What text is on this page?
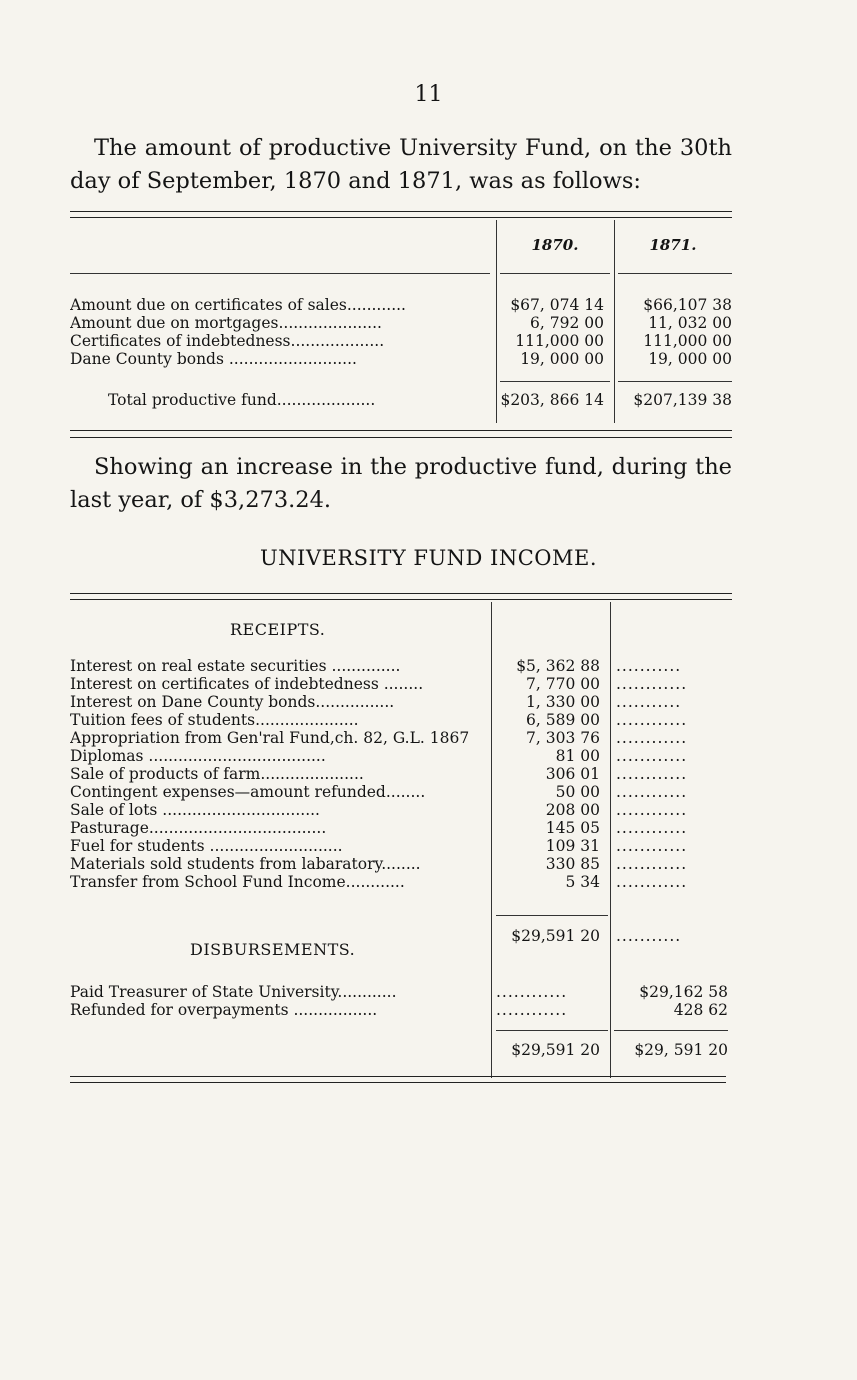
11
The amount of productive University Fund, on the 30th day of September, 1870 and 1871, was as follows:
1870.	1871.
Amount due on certificates of sales............	$67, 074 14	$66,107 38
Amount due on mortgages.....................	6, 792 00	11, 032 00
Certificates of indebtedness...................	111,000 00	111,000 00
Dane County bonds ..........................	19, 000 00	19, 000 00
Total productive fund....................	$203, 866 14	$207,139 38
Showing an increase in the productive fund, during the last year, of $3,273.24.
UNIVERSITY FUND INCOME.
RECEIPTS.
Interest on real estate securities ..............	$5, 362 88 ...........
Interest on certificates of indebtedness ........	7, 770 00 ............
Interest on Dane County bonds................	1, 330 00 ...........
Tuition fees of students.....................	6, 589 00 ............
Appropriation from Gen'ral Fund,ch. 82, G.L. 1867	7, 303 76 ............
Diplomas ....................................	81 00 ............
Sale of products of farm.....................	306 01 ............
Contingent expenses—amount refunded........	50 00 ............
Sale of lots ................................	208 00 ............
Pasturage....................................	145 05 ............
Fuel for students ...........................	109 31 ............
Materials sold students from labaratory........	330 85 ............
Transfer from School Fund Income............	5 34 ............
$29,591 20 ...........
DISBURSEMENTS.
Paid Treasurer of State University............	............	$29,162 58
Refunded for overpayments .................	............	428 62
$29,591 20	$29, 591 20
